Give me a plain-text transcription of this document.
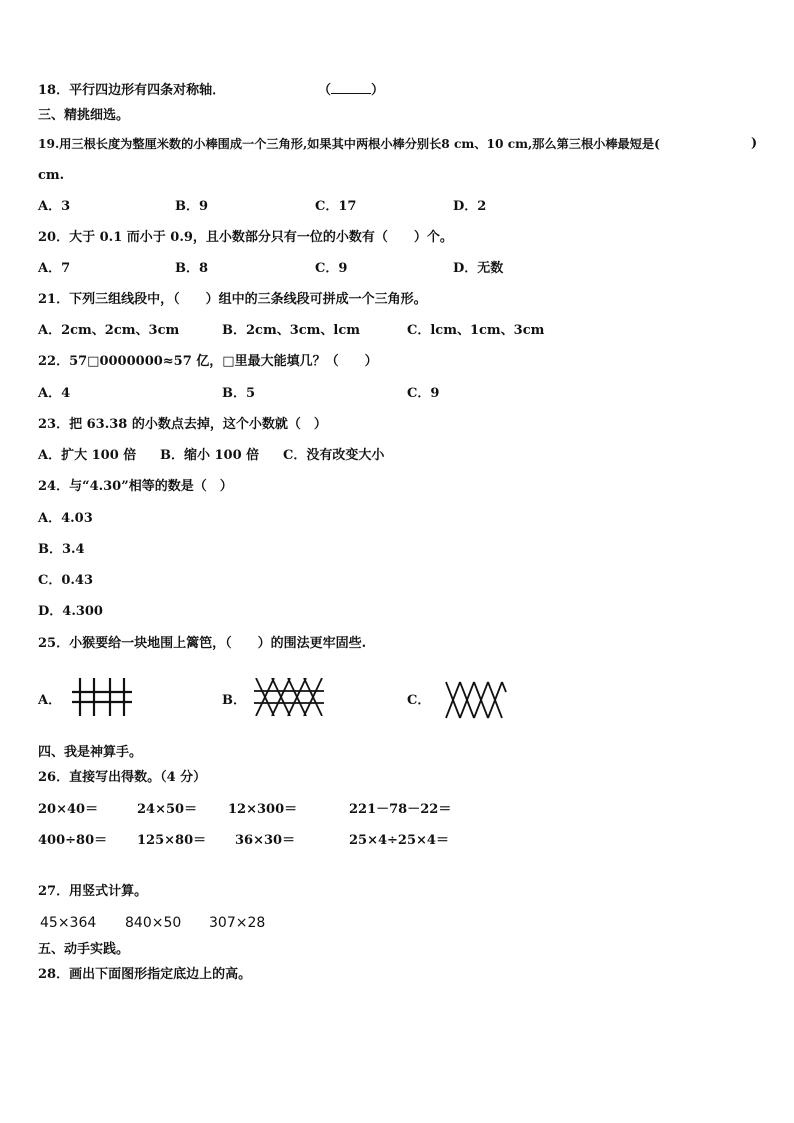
18．平行四边形有四条对称轴．	（	）
三、精挑细选。
19.用三根长度为整厘米数的小棒围成一个三角形,如果其中两根小棒分别长8 cm、10 cm,那么第三根小棒最短是(	)
cm.
A．3	B．9	C．17	D．2
20．大于 0.1 而小于 0.9，且小数部分只有一位的小数有（　　）个。
A．7	B．8	C．9	D．无数
21．下列三组线段中，（　　）组中的三条线段可拼成一个三角形。
A．2cm、2cm、3cm	B．2cm、3cm、lcm	C．lcm、1cm、3cm
22．57□0000000≈57 亿，□里最大能填几？（　　）
A．4	B．5	C．9
23．把 63.38 的小数点去掉，这个小数就（　）
A．扩大 100 倍 B．缩小 100 倍 C．没有改变大小
24．与“4.30”相等的数是（　）
A．4.03
B．3.4
C．0.43
D．4.300
25．小猴要给一块地围上篱笆，（　　）的围法更牢固些.
A．	B．	C．
四、我是神算手。
26．直接写出得数。（4 分）
20×40＝	24×50＝ 12×300＝	221－78－22＝
400÷80＝ 125×80＝ 36×30＝	25×4÷25×4＝
27．用竖式计算。
45×364 840×50 307×28
五、动手实践。
28．画出下面图形指定底边上的高。
